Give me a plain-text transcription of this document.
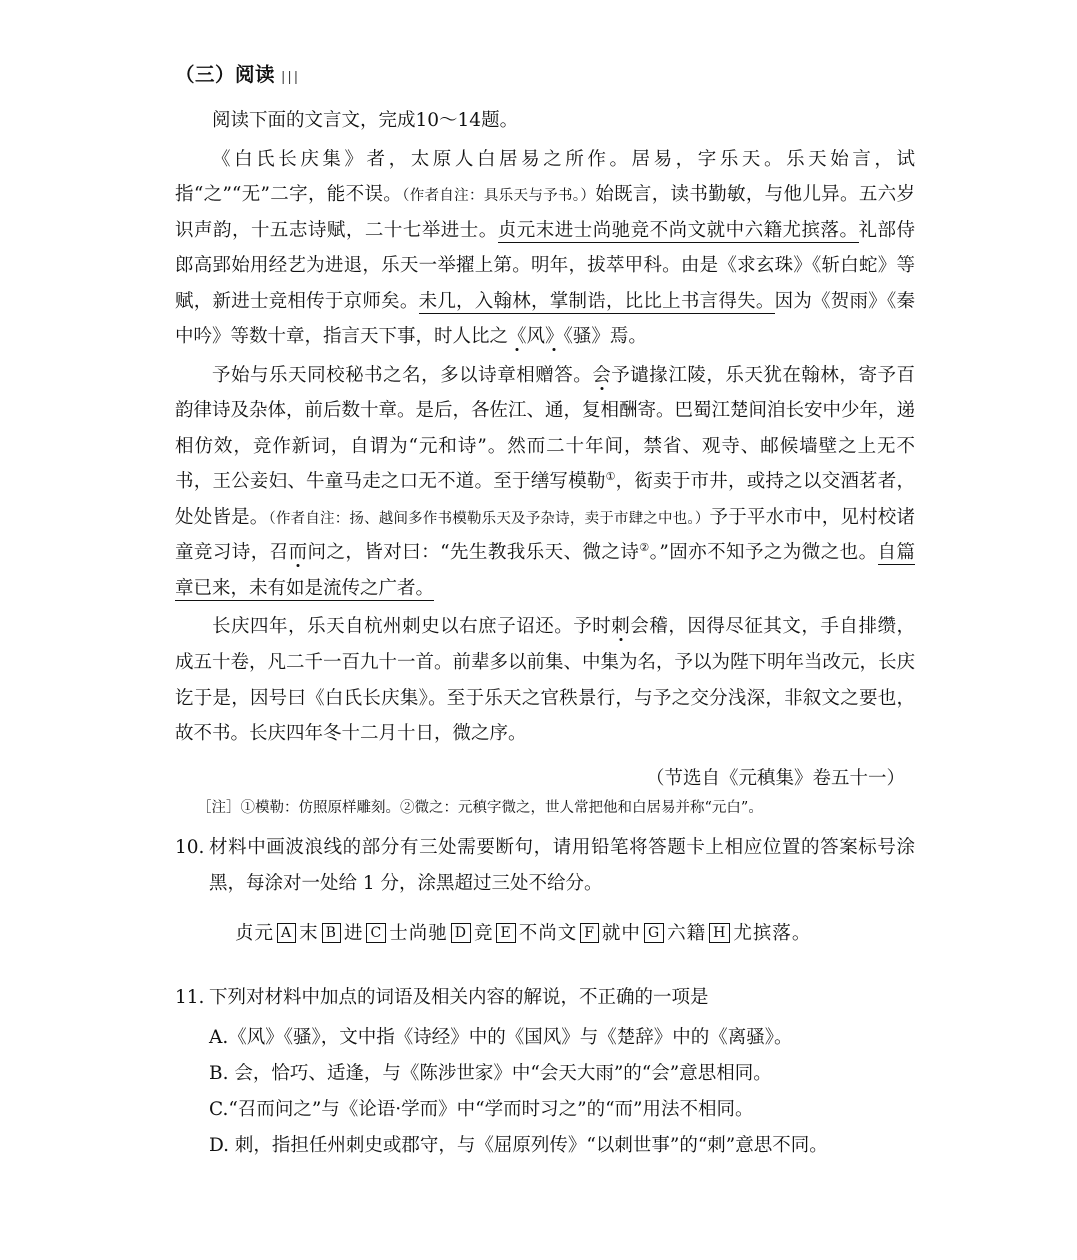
（三）阅读 |||

阅读下面的文言文，完成10～14题。

《白氏长庆集》者，太原人白居易之所作。居易，字乐天。乐天始言，试指“之”“无”二字，能不误。（作者自注：具乐天与予书。）始既言，读书勤敏，与他儿异。五六岁识声韵，十五志诗赋，二十七举进士。贞元末进士尚驰竞不尚文就中六籍尤摈落。礼部侍郎高郢始用经艺为进退，乐天一举擢上第。明年，拔萃甲科。由是《求玄珠》《斩白蛇》等赋，新进士竞相传于京师矣。未几，入翰林，掌制诰，比比上书言得失。因为《贺雨》《秦中吟》等数十章，指言天下事，时人比之《风》《骚》焉。

予始与乐天同校秘书之名，多以诗章相赠答。会予谴掾江陵，乐天犹在翰林，寄予百韵律诗及杂体，前后数十章。是后，各佐江、通，复相酬寄。巴蜀江楚间洎长安中少年，递相仿效，竞作新词，自谓为“元和诗”。然而二十年间，禁省、观寺、邮候墙壁之上无不书，王公妾妇、牛童马走之口无不道。至于缮写模勒①，衒卖于市井，或持之以交酒茗者，处处皆是。（作者自注：扬、越间多作书模勒乐天及予杂诗，卖于市肆之中也。）予于平水市中，见村校诸童竞习诗，召而问之，皆对曰：“先生教我乐天、微之诗②。”固亦不知予之为微之也。自篇章已来，未有如是流传之广者。

长庆四年，乐天自杭州刺史以右庶子诏还。予时刺会稽，因得尽征其文，手自排缵，成五十卷，凡二千一百九十一首。前辈多以前集、中集为名，予以为陛下明年当改元，长庆讫于是，因号曰《白氏长庆集》。至于乐天之官秩景行，与予之交分浅深，非叙文之要也，故不书。长庆四年冬十二月十日，微之序。

（节选自《元稹集》卷五十一）
［注］①模勒：仿照原样雕刻。②微之：元稹字微之，世人常把他和白居易并称“元白”。
10. 材料中画波浪线的部分有三处需要断句，请用铅笔将答题卡上相应位置的答案标号涂黑，每涂对一处给 1 分，涂黑超过三处不给分。
贞元 A 末 B 进 C 士尚驰 D 竞 E 不尚文 F 就中 G 六籍 H 尤摈落。
11. 下列对材料中加点的词语及相关内容的解说，不正确的一项是
A.《风》《骚》，文中指《诗经》中的《国风》与《楚辞》中的《离骚》。
B. 会，恰巧、适逢，与《陈涉世家》中“会天大雨”的“会”意思相同。
C.“召而问之”与《论语·学而》中“学而时习之”的“而”用法不相同。
D. 刺，指担任州刺史或郡守，与《屈原列传》“以刺世事”的“刺”意思不同。
